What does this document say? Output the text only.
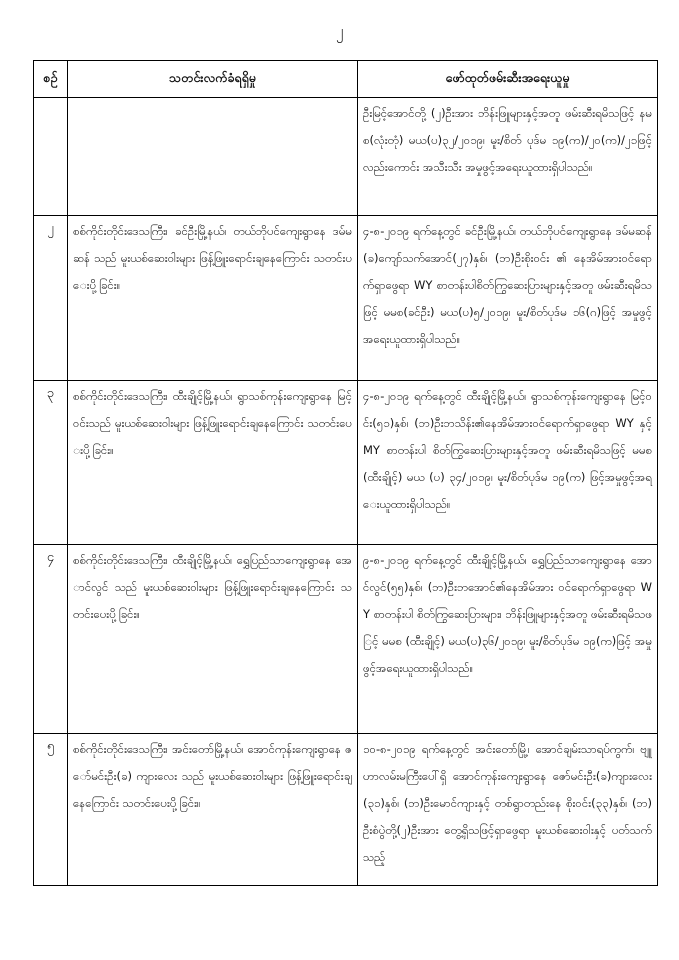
၂
စဉ်	သတင်းလက်ခံရရှိမှု	ဖော်ထုတ်ဖမ်းဆီးအရေးယူမှု
		ဦးမြင့်အောင်တို့ (၂)ဦးအား ဘိန်းဖြူများနှင့်အတူ ဖမ်းဆီးရမိသဖြင့် နမစ(လုံးတုံ) မယ(ပ)၃၂/၂၀၁၉၊ မူး/စိတ် ပုဒ်မ ၁၉(က)/၂၀(က)/၂၁ဖြင့်လည်းကောင်း အသီးသီး အမှုဖွင့်အရေးယူထားရှိပါသည်။
၂	စစ်ကိုင်းတိုင်းဒေသကြီး၊ ခင်ဦးမြို့နယ်၊ တယ်ဘိုပင်ကျေးရွာနေ ဒမ်မဆန် သည် မူးယစ်ဆေးဝါးများ ဖြန့်ဖြူးရောင်းချနေကြောင်း သတင်းပေးပို့ခြင်း။	၄-၈-၂၀၁၉ ရက်နေ့တွင် ခင်ဦးမြို့နယ်၊ တယ်ဘိုပင်ကျေးရွာနေ ဒမ်မဆန်(ခ)ကျော်သက်အောင်(၂၇)နှစ်၊ (ဘ)ဦးစိုးဝင်း ၏ နေအိမ်အားဝင်ရောက်ရှာဖွေရာ WY စာတန်းပါစိတ်ကြွဆေးပြားများနှင့်အတူ ဖမ်းဆီးရမိသဖြင့် မမစ(ခင်ဦး) မယ(ပ)၅/၂၀၁၉၊ မူး/စိတ်ပုဒ်မ ၁၆(ဂ)ဖြင့် အမှုဖွင့် အရေးယူထားရှိပါသည်။
၃	စစ်ကိုင်းတိုင်းဒေသကြီး၊ ထီးချိုင့်မြို့နယ်၊ ရွာသစ်ကုန်းကျေးရွာနေ မြင့်ဝင်းသည် မူးယစ်ဆေးဝါးများ ဖြန့်ဖြူးရောင်းချနေကြောင်း သတင်းပေးပို့ခြင်း။	၄-၈-၂၀၁၉ ရက်နေ့တွင် ထီးချိုင့်မြို့နယ်၊ ရွာသစ်ကုန်းကျေးရွာနေ မြင့်ဝင်း(၅၁)နှစ်၊ (ဘ)ဦးဘသိန်း၏နေအိမ်အားဝင်ရောက်ရှာဖွေရာ WY နှင့် MY စာတန်းပါ စိတ်ကြွဆေးပြားများနှင့်အတူ ဖမ်းဆီးရမိသဖြင့် မမစ(ထီးချိုင့်) မယ (ပ) ၃၄/၂၀၁၉၊ မူး/စိတ်ပုဒ်မ ၁၉(က) ဖြင့်အမှုဖွင့်အရေးယူထားရှိပါသည်။
၄	စစ်ကိုင်းတိုင်းဒေသကြီး၊ ထီးချိုင့်မြို့နယ်၊ ရွှေပြည်သာကျေးရွာနေ အောင်လွင် သည် မူးယစ်ဆေးဝါးများ ဖြန့်ဖြူးရောင်းချနေကြောင်း သတင်းပေးပို့ခြင်း။	၉-၈-၂၀၁၉ ရက်နေ့တွင် ထီးချိုင့်မြို့နယ်၊ ရွှေပြည်သာကျေးရွာနေ အောင်လွင်(၅၅)နှစ်၊ (ဘ)ဦးဘအောင်၏နေအိမ်အား ဝင်ရောက်ရှာဖွေရာ WY စာတန်းပါ စိတ်ကြွဆေးပြားများ၊ ဘိန်းဖြူများနှင့်အတူ ဖမ်းဆီးရမိသဖြင့် မမစ (ထီးချိုင့်) မယ(ပ)၃၆/၂၀၁၉၊ မူး/စိတ်ပုဒ်မ ၁၉(က)ဖြင့် အမှုဖွင့်အရေးယူထားရှိပါသည်။
၅	စစ်ကိုင်းတိုင်းဒေသကြီး၊ အင်းတော်မြို့နယ်၊ အောင်ကုန်းကျေးရွာနေ ဇော်မင်းဦး(ခ) ကျားလေး သည် မူးယစ်ဆေးဝါးများ ဖြန့်ဖြူးရောင်းချနေကြောင်း သတင်းပေးပို့ခြင်း။	၁၀-၈-၂၀၁၉ ရက်နေ့တွင် အင်းတော်မြို့၊ အောင်ချမ်းသာရပ်ကွက်၊ ဗျူဟာလမ်းမကြီးပေါ်ရှိ အောင်ကုန်းကျေးရွာနေ ဇော်မင်းဦး(ခ)ကျားလေး(၃၁)နှစ်၊ (ဘ)ဦးမောင်ကျားနှင့် တစ်ရွာတည်းနေ စိုးဝင်း(၃၃)နှစ်၊ (ဘ)ဦးစံပွဲတို့(၂)ဦးအား တွေ့ရှိသဖြင့်ရှာဖွေရာ မူးယစ်ဆေးဝါးနှင့် ပတ်သက်သည့်
